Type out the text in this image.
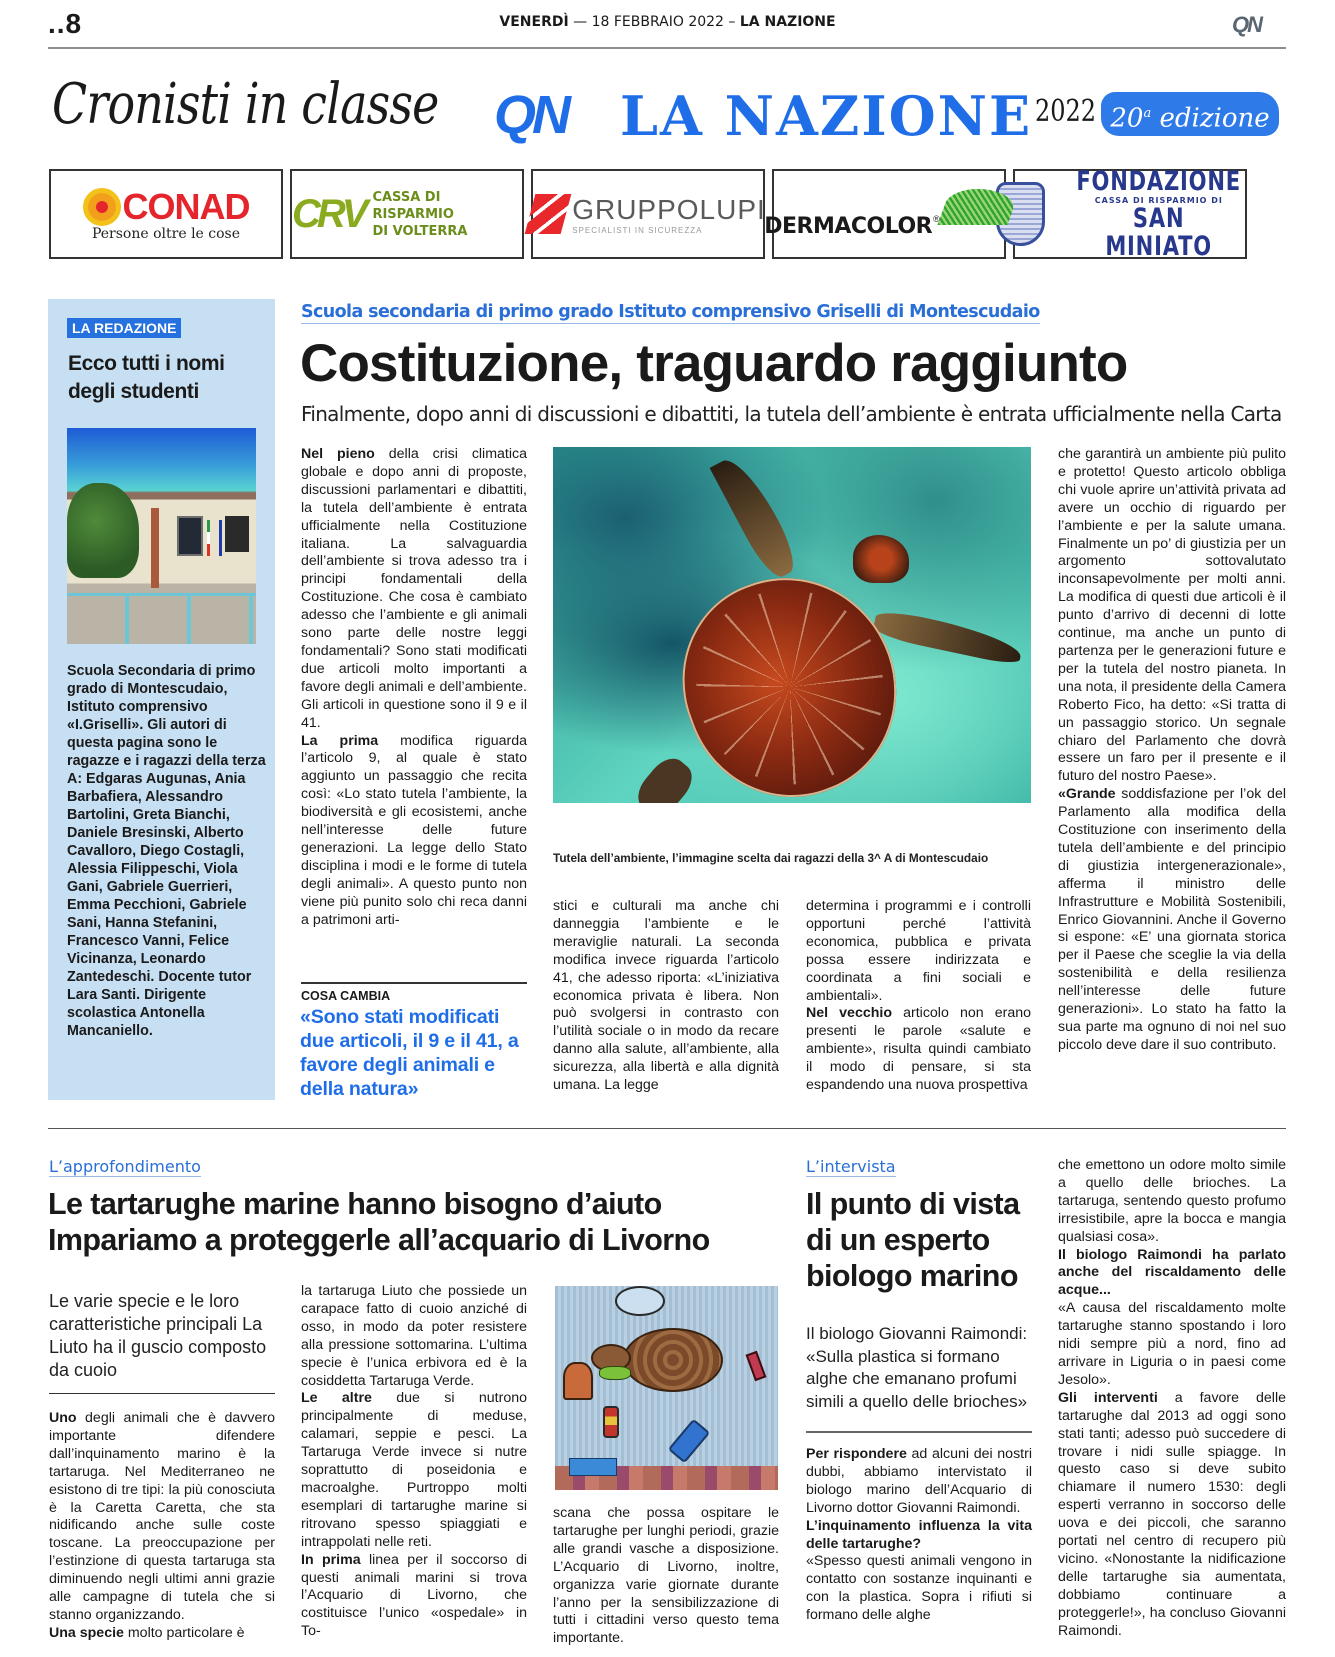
..8	VENERDÌ — 18 FEBBRAIO 2022 – LA NAZIONE	QN
Cronisti in classe QN LA NAZIONE 2022 20$^a$ edizione
CONAD
Persone oltre le cose CRV CASSA DI RISPARMIO
DI VOLTERRA
GRUPPOLUPI
SPECIALISTI IN SICUREZZA	DERMACOLOR ®
FONDAZIONE
CASSA DI RISPARMIO DI
SAN MINIATO
LA REDAZIONE
Ecco tutti i nomi degli studenti
Scuola Secondaria di primo grado di Montescudaio, Istituto comprensivo «I.Griselli». Gli autori di questa pagina sono le ragazze e i ragazzi della terza A: Edgaras Augunas, Ania Barbafiera, Alessandro Bartolini, Greta Bianchi, Daniele Bresinski, Alberto Cavalloro, Diego Costagli, Alessia Filippeschi, Viola Gani, Gabriele Guerrieri, Emma Pecchioni, Gabriele Sani, Hanna Stefanini, Francesco Vanni, Felice Vicinanza, Leonardo Zantedeschi. Docente tutor Lara Santi. Dirigente scolastica Antonella Mancaniello.
Scuola secondaria di primo grado Istituto comprensivo Griselli di Montescudaio
Costituzione, traguardo raggiunto
Finalmente, dopo anni di discussioni e dibattiti, la tutela dell’ambiente è entrata ufficialmente nella Carta

Nel pieno della crisi climatica globale e dopo anni di proposte, discussioni parlamentari e dibattiti, la tutela dell’ambiente è entrata ufficialmente nella Costituzione italiana. La salvaguardia dell’ambiente si trova adesso tra i principi fondamentali della Costituzione. Che cosa è cambiato adesso che l’ambiente e gli animali sono parte delle nostre leggi fondamentali? Sono stati modificati due articoli molto importanti a favore degli animali e dell’ambiente. Gli articoli in questione sono il 9 e il 41.

La prima modifica riguarda l’articolo 9, al quale è stato aggiunto un passaggio che recita così: «Lo stato tutela l’ambiente, la biodiversità e gli ecosistemi, anche nell’interesse delle future generazioni. La legge dello Stato disciplina i modi e le forme di tutela degli animali». A questo punto non viene più punito solo chi reca danni a patrimoni arti-

COSA CAMBIA
«Sono stati modificati due articoli, il 9 e il 41, a favore degli animali e della natura»
Tutela dell’ambiente, l’immagine scelta dai ragazzi della 3^ A di Montescudaio

stici e culturali ma anche chi danneggia l’ambiente e le meraviglie naturali. La seconda modifica invece riguarda l’articolo 41, che adesso riporta: «L’iniziativa economica privata è libera. Non può svolgersi in contrasto con l’utilità sociale o in modo da recare danno alla salute, all’ambiente, alla sicurezza, alla libertà e alla dignità umana. La legge

determina i programmi e i controlli opportuni perché l’attività economica, pubblica e privata possa essere indirizzata e coordinata a fini sociali e ambientali».

Nel vecchio articolo non erano presenti le parole «salute e ambiente», risulta quindi cambiato il modo di pensare, si sta espandendo una nuova prospettiva

che garantirà un ambiente più pulito e protetto! Questo articolo obbliga chi vuole aprire un’attività privata ad avere un occhio di riguardo per l’ambiente e per la salute umana. Finalmente un po’ di giustizia per un argomento sottovalutato inconsapevolmente per molti anni. La modifica di questi due articoli è il punto d’arrivo di decenni di lotte continue, ma anche un punto di partenza per le generazioni future e per la tutela del nostro pianeta. In una nota, il presidente della Camera Roberto Fico, ha detto: «Si tratta di un passaggio storico. Un segnale chiaro del Parlamento che dovrà essere un faro per il presente e il futuro del nostro Paese».

«Grande soddisfazione per l’ok del Parlamento alla modifica della Costituzione con inserimento della tutela dell’ambiente e del principio di giustizia intergenerazionale», afferma il ministro delle Infrastrutture e Mobilità Sostenibili, Enrico Giovannini. Anche il Governo si espone: «E’ una giornata storica per il Paese che sceglie la via della sostenibilità e della resilienza nell’interesse delle future generazioni». Lo stato ha fatto la sua parte ma ognuno di noi nel suo piccolo deve dare il suo contributo.

L’approfondimento
Le tartarughe marine hanno bisogno d’aiuto
Impariamo a proteggerle all’acquario di Livorno
Le varie specie e le loro caratteristiche principali La Liuto ha il guscio composto da cuoio

Uno degli animali che è davvero importante difendere dall’inquinamento marino è la tartaruga. Nel Mediterraneo ne esistono di tre tipi: la più conosciuta è la Caretta Caretta, che sta nidificando anche sulle coste toscane. La preoccupazione per l’estinzione di questa tartaruga sta diminuendo negli ultimi anni grazie alle campagne di tutela che si stanno organizzando.

Una specie molto particolare è

la tartaruga Liuto che possiede un carapace fatto di cuoio anziché di osso, in modo da poter resistere alla pressione sottomarina. L’ultima specie è l’unica erbivora ed è la cosiddetta Tartaruga Verde.

Le altre due si nutrono principalmente di meduse, calamari, seppie e pesci. La Tartaruga Verde invece si nutre soprattutto di poseidonia e macroalghe. Purtroppo molti esemplari di tartarughe marine si ritrovano spesso spiaggiati e intrappolati nelle reti.

In prima linea per il soccorso di questi animali marini si trova l’Acquario di Livorno, che costituisce l’unico «ospedale» in To-

scana che possa ospitare le tartarughe per lunghi periodi, grazie alle grandi vasche a disposizione. L’Acquario di Livorno, inoltre, organizza varie giornate durante l’anno per la sensibilizzazione di tutti i cittadini verso questo tema importante.

L’intervista
Il punto di vista di un esperto biologo marino
Il biologo Giovanni Raimondi: «Sulla plastica si formano alghe che emanano profumi simili a quello delle brioches»

Per rispondere ad alcuni dei nostri dubbi, abbiamo intervistato il biologo marino dell’Acquario di Livorno dottor Giovanni Raimondi.

L’inquinamento influenza la vita delle tartarughe?

«Spesso questi animali vengono in contatto con sostanze inquinanti e con la plastica. Sopra i rifiuti si formano delle alghe

che emettono un odore molto simile a quello delle brioches. La tartaruga, sentendo questo profumo irresistibile, apre la bocca e mangia qualsiasi cosa».

Il biologo Raimondi ha parlato anche del riscaldamento delle acque...

«A causa del riscaldamento molte tartarughe stanno spostando i loro nidi sempre più a nord, fino ad arrivare in Liguria o in paesi come Jesolo».

Gli interventi a favore delle tartarughe dal 2013 ad oggi sono stati tanti; adesso può succedere di trovare i nidi sulle spiagge. In questo caso si deve subito chiamare il numero 1530: degli esperti verranno in soccorso delle uova e dei piccoli, che saranno portati nel centro di recupero più vicino. «Nonostante la nidificazione delle tartarughe sia aumentata, dobbiamo continuare a proteggerle!», ha concluso Giovanni Raimondi.
